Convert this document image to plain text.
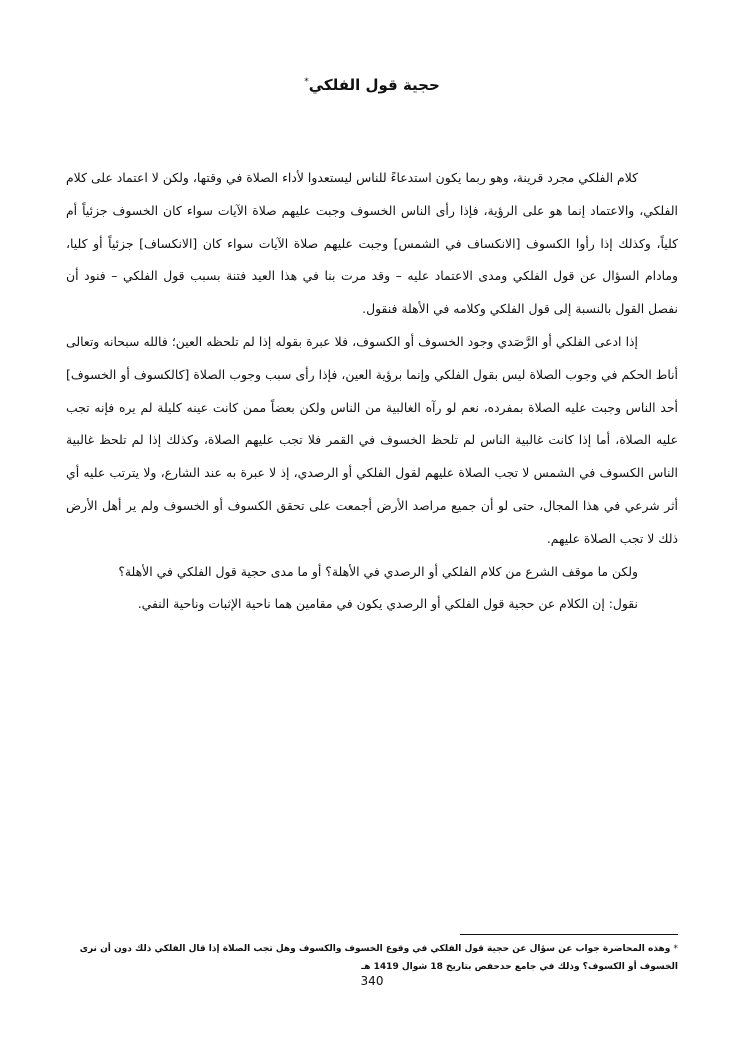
حجية قول الفلكي*

كلام الفلكي مجرد قرينة، وهو ربما يكون استدعاءً للناس ليستعدوا لأداء الصلاة في وقتها، ولكن لا اعتماد على كلام الفلكي، والاعتماد إنما هو على الرؤية، فإذا رأى الناس الخسوف وجبت عليهم صلاة الآيات سواء كان الخسوف جزئياً أم كلياً، وكذلك إذا رأوا الكسوف [الانكساف في الشمس] وجبت عليهم صلاة الآيات سواء كان [الانكساف] جزئياً أو كليا، ومادام السؤال عن قول الفلكي ومدى الاعتماد عليه – وقد مرت بنا في هذا العيد فتنة بسبب قول الفلكي – فنود أن نفصل القول بالنسبة إلى قول الفلكي وكلامه في الأهلة فنقول.

إذا ادعى الفلكي أو الرَّصَدي وجود الخسوف أو الكسوف، فلا عبرة بقوله إذا لم تلحظه العين؛ فالله سبحانه وتعالى أناط الحكم في وجوب الصلاة ليس بقول الفلكي وإنما برؤية العين، فإذا رأى سبب وجوب الصلاة [كالكسوف أو الخسوف] أحد الناس وجبت عليه الصلاة بمفرده، نعم لو رآه الغالبية من الناس ولكن بعضاً ممن كانت عينه كليلة لم يره فإنه تجب عليه الصلاة، أما إذا كانت غالبية الناس لم تلحظ الخسوف في القمر فلا تجب عليهم الصلاة، وكذلك إذا لم تلحظ غالبية الناس الكسوف في الشمس لا تجب الصلاة عليهم لقول الفلكي أو الرصدي، إذ لا عبرة به عند الشارع، ولا يترتب عليه أي أثر شرعي في هذا المجال، حتى لو أن جميع مراصد الأرض أجمعت على تحقق الكسوف أو الخسوف ولم ير أهل الأرض ذلك لا تجب الصلاة عليهم.

ولكن ما موقف الشرع من كلام الفلكي أو الرصدي في الأهلة؟ أو ما مدى حجية قول الفلكي في الأهلة؟

نقول: إن الكلام عن حجية قول الفلكي أو الرصدي يكون في مقامين هما ناحية الإثبات وناحية النفي.

* وهذه المحاضرة جواب عن سؤال عن حجية قول الفلكي في وقوع الخسوف والكسوف وهل تجب الصلاة إذا قال الفلكي ذلك دون أن نرى الخسوف أو الكسوف؟ وذلك في جامع حدحفص بتاريخ 18 شوال 1419 هـ
340
